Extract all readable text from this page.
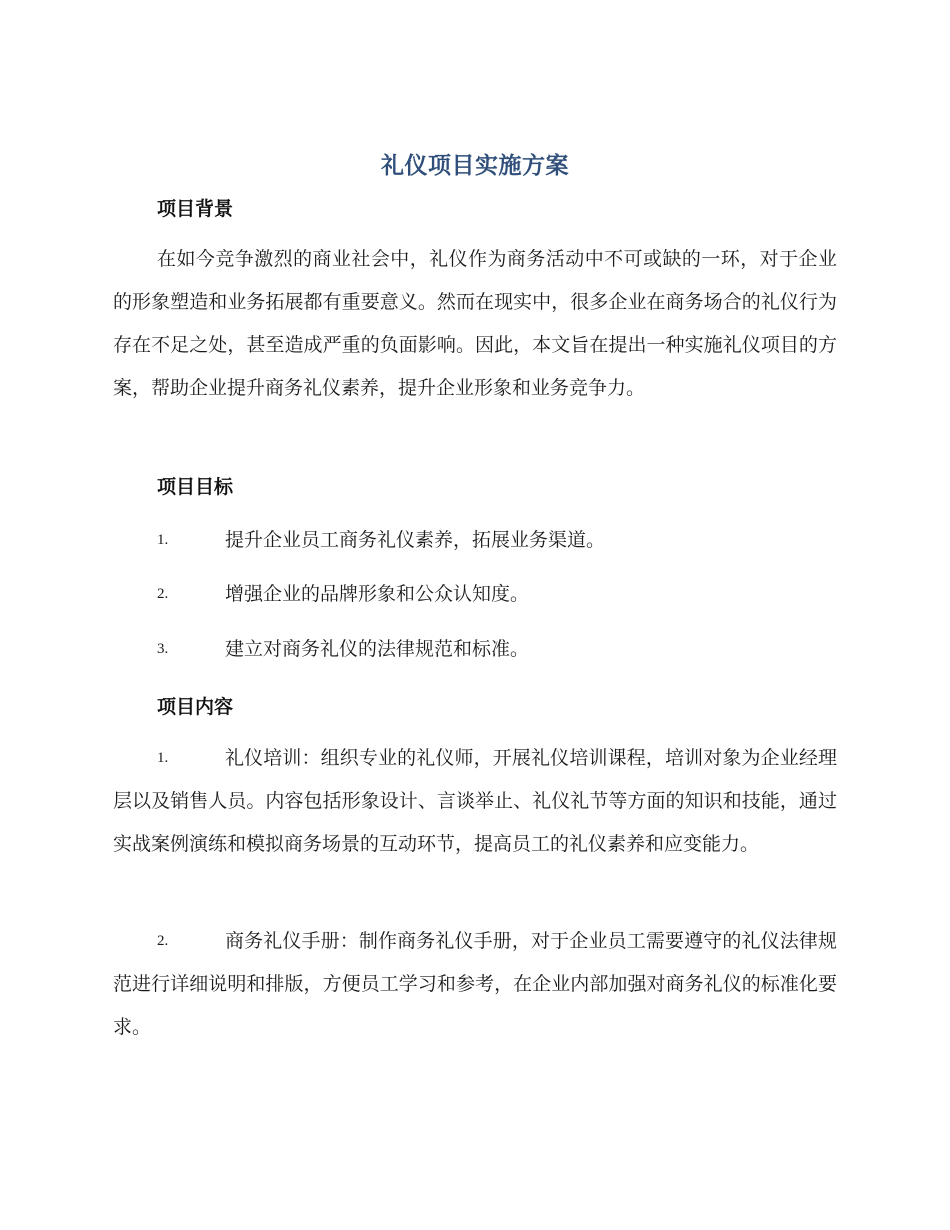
礼仪项目实施方案
项目背景

在如今竞争激烈的商业社会中，礼仪作为商务活动中不可或缺的一环，对于企业的形象塑造和业务拓展都有重要意义。然而在现实中，很多企业在商务场合的礼仪行为存在不足之处，甚至造成严重的负面影响。因此，本文旨在提出一种实施礼仪项目的方案，帮助企业提升商务礼仪素养，提升企业形象和业务竞争力。

项目目标
1.	提升企业员工商务礼仪素养，拓展业务渠道。
2.	增强企业的品牌形象和公众认知度。
3.	建立对商务礼仪的法律规范和标准。
项目内容
1.	礼仪培训：组织专业的礼仪师，开展礼仪培训课程，培训对象为企业经理层以及销售人员。内容包括形象设计、言谈举止、礼仪礼节等方面的知识和技能，通过实战案例演练和模拟商务场景的互动环节，提高员工的礼仪素养和应变能力。
2.	商务礼仪手册：制作商务礼仪手册，对于企业员工需要遵守的礼仪法律规范进行详细说明和排版，方便员工学习和参考，在企业内部加强对商务礼仪的标准化要求。
